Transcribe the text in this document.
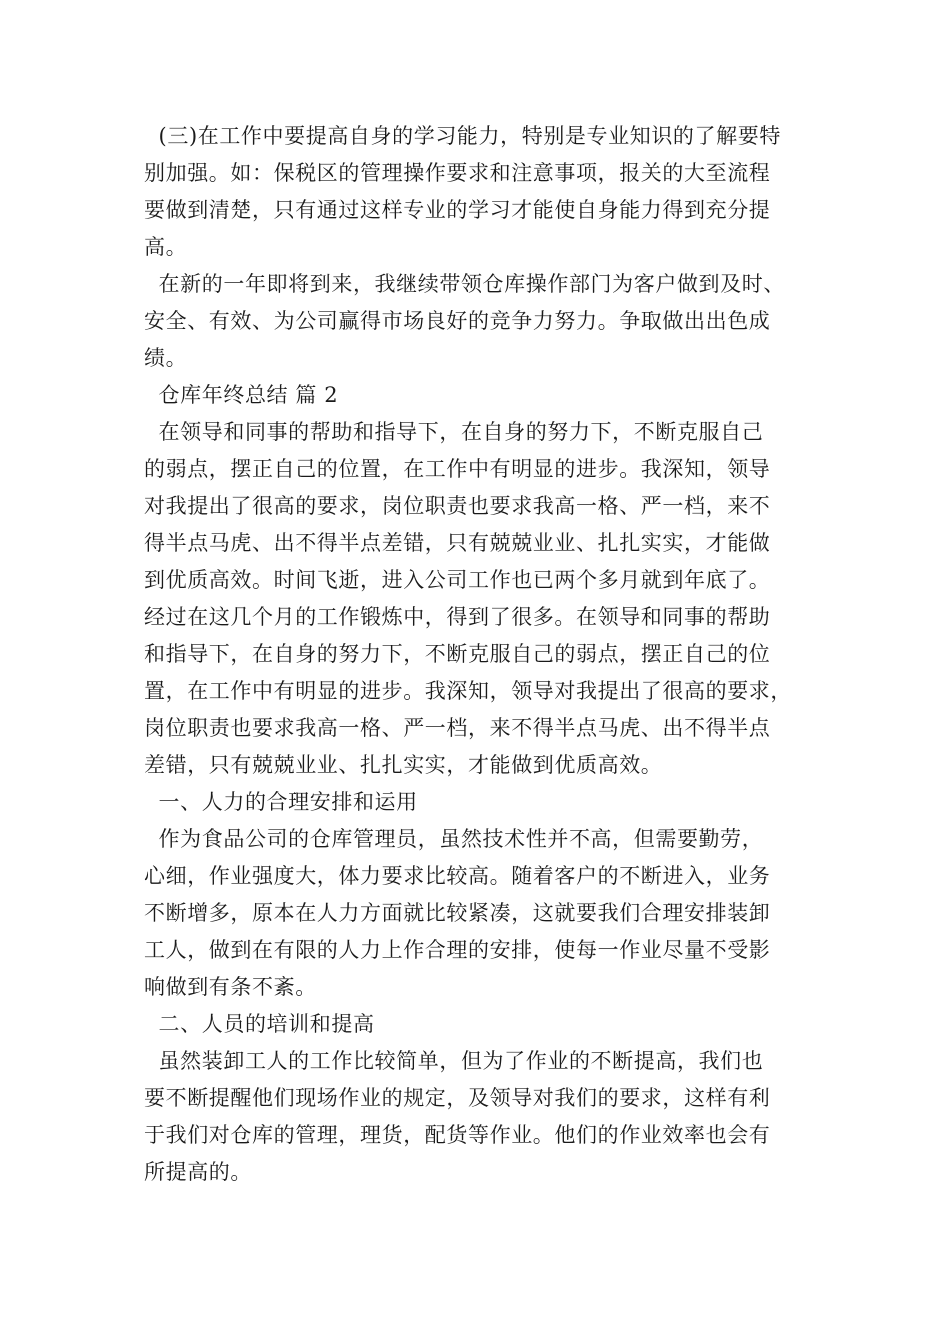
(三)在工作中要提高自身的学习能力，特别是专业知识的了解要特
别加强。如：保税区的管理操作要求和注意事项，报关的大至流程
要做到清楚，只有通过这样专业的学习才能使自身能力得到充分提
高。
在新的一年即将到来，我继续带领仓库操作部门为客户做到及时、
安全、有效、为公司赢得市场良好的竞争力努力。争取做出出色成
绩。
仓库年终总结 篇 2
在领导和同事的帮助和指导下，在自身的努力下，不断克服自己
的弱点，摆正自己的位置，在工作中有明显的进步。我深知，领导
对我提出了很高的要求，岗位职责也要求我高一格、严一档，来不
得半点马虎、出不得半点差错，只有兢兢业业、扎扎实实，才能做
到优质高效。时间飞逝，进入公司工作也已两个多月就到年底了。
经过在这几个月的工作锻炼中，得到了很多。在领导和同事的帮助
和指导下，在自身的努力下，不断克服自己的弱点，摆正自己的位
置，在工作中有明显的进步。我深知，领导对我提出了很高的要求，
岗位职责也要求我高一格、严一档，来不得半点马虎、出不得半点
差错，只有兢兢业业、扎扎实实，才能做到优质高效。
一、人力的合理安排和运用
作为食品公司的仓库管理员，虽然技术性并不高，但需要勤劳，
心细，作业强度大，体力要求比较高。随着客户的不断进入，业务
不断增多，原本在人力方面就比较紧凑，这就要我们合理安排装卸
工人，做到在有限的人力上作合理的安排，使每一作业尽量不受影
响做到有条不紊。
二、人员的培训和提高
虽然装卸工人的工作比较简单，但为了作业的不断提高，我们也
要不断提醒他们现场作业的规定，及领导对我们的要求，这样有利
于我们对仓库的管理，理货，配货等作业。他们的作业效率也会有
所提高的。
